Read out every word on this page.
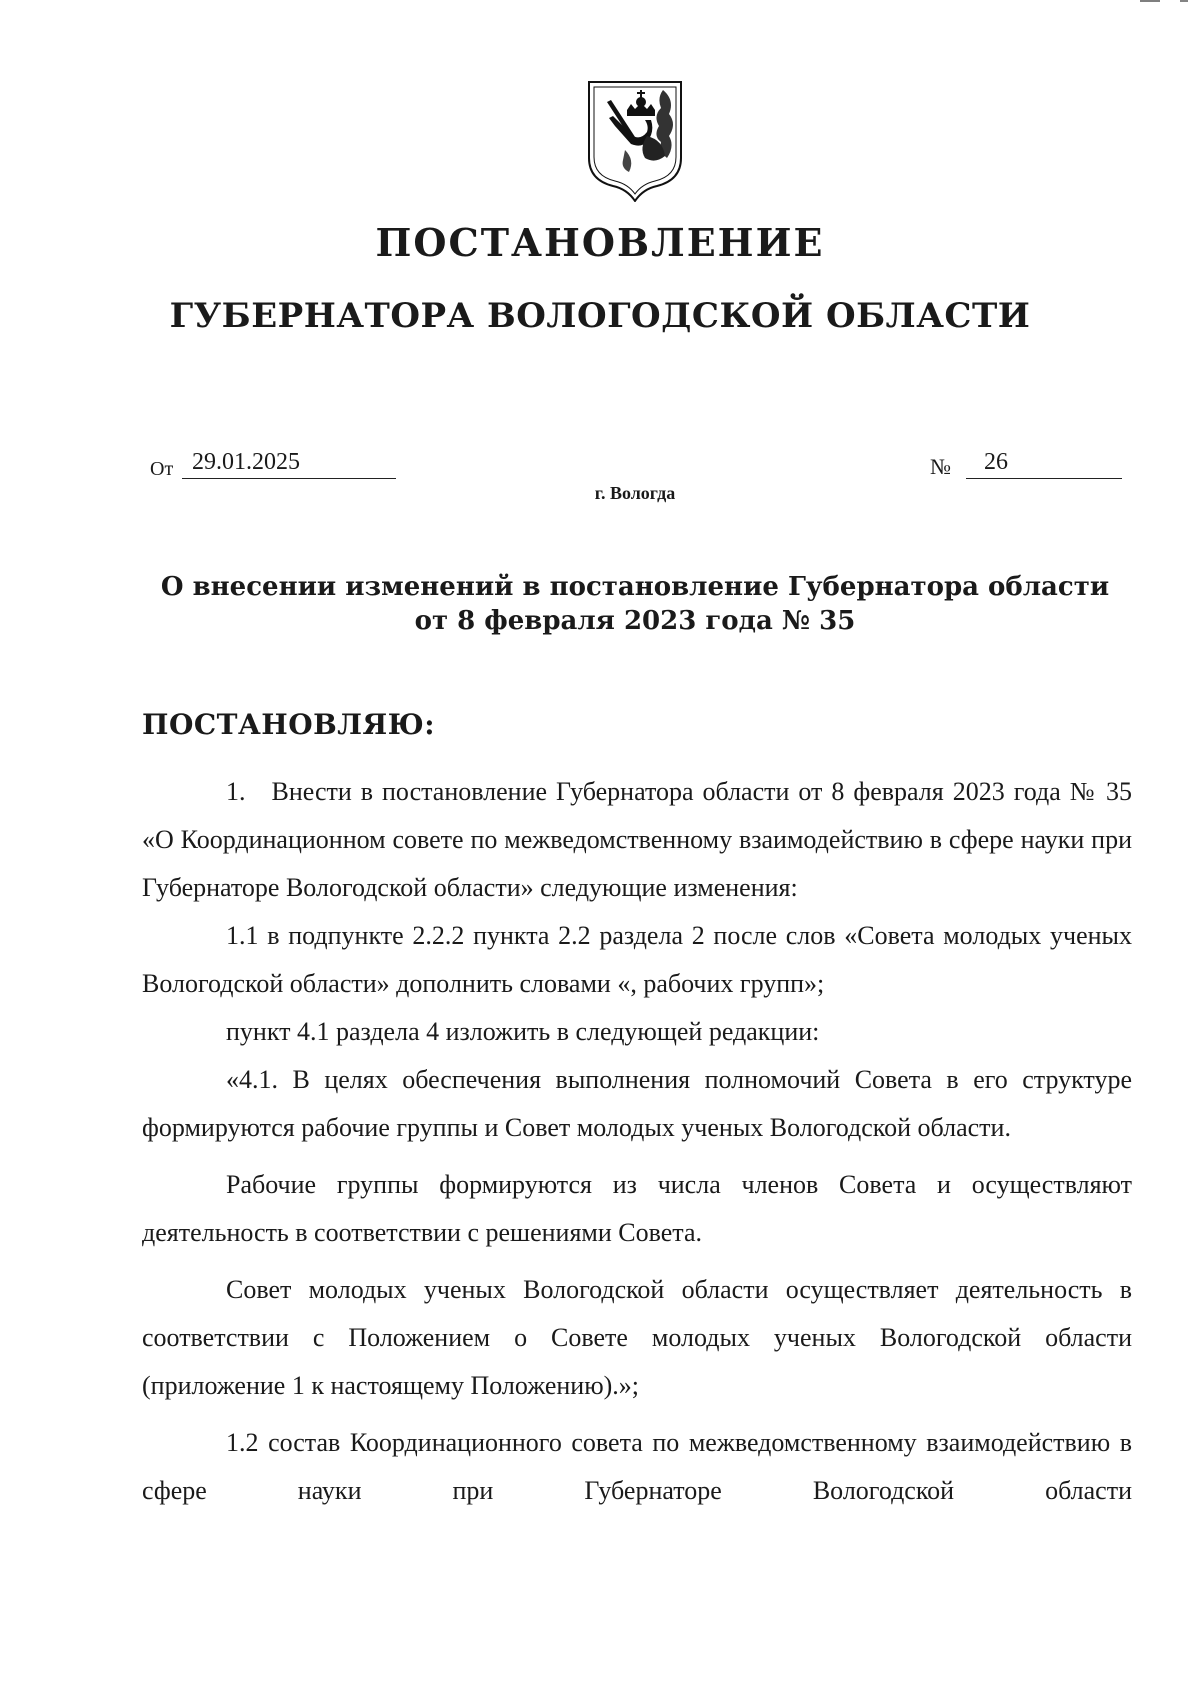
ПОСТАНОВЛЕНИЕ
ГУБЕРНАТОРА ВОЛОГОДСКОЙ ОБЛАСТИ
От 29.01.2025	№	26
г. Вологда
О внесении изменений в постановление Губернатора области
от 8 февраля 2023 года № 35
ПОСТАНОВЛЯЮ:

1. Внести в постановление Губернатора области от 8 февраля 2023 года № 35 «О Координационном совете по межведомственному взаимодействию в сфере науки при Губернаторе Вологодской области» следующие изменения:

1.1 в подпункте 2.2.2 пункта 2.2 раздела 2 после слов «Совета молодых ученых Вологодской области» дополнить словами «, рабочих групп»;

пункт 4.1 раздела 4 изложить в следующей редакции:

«4.1. В целях обеспечения выполнения полномочий Совета в его структуре формируются рабочие группы и Совет молодых ученых Вологодской области.

Рабочие группы формируются из числа членов Совета и осуществляют деятельность в соответствии с решениями Совета.

Совет молодых ученых Вологодской области осуществляет деятельность в соответствии с Положением о Совете молодых ученых Вологодской области (приложение 1 к настоящему Положению).»;

1.2 состав Координационного совета по межведомственному взаимодействию в сфере науки при Губернаторе Вологодской области
